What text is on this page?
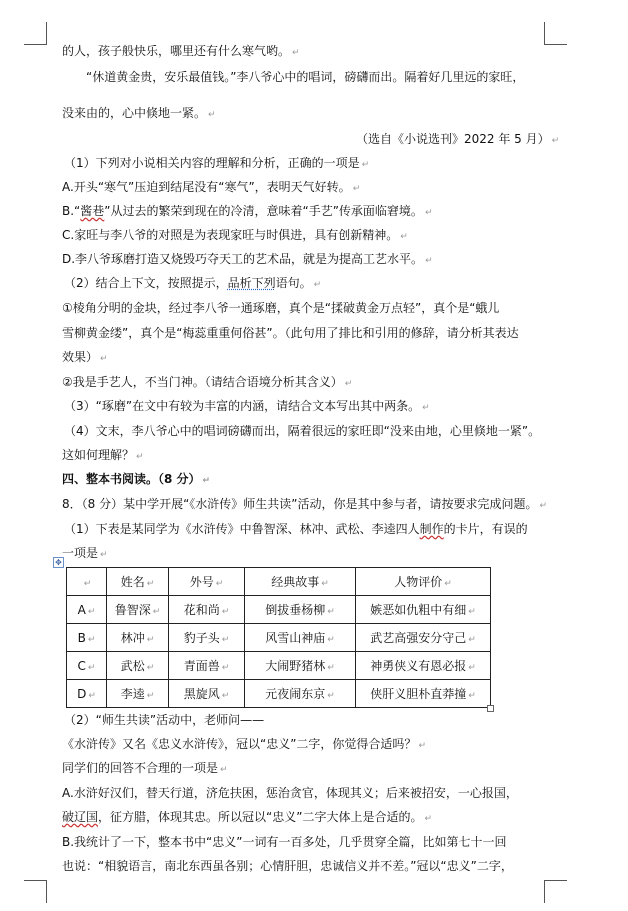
的人，孩子般快乐，哪里还有什么寒气哟。 ↵
“休道黄金贵，安乐最值钱。”李八爷心中的唱词，磅礴而出。隔着好几里远的家旺，
没来由的，心中倏地一紧。 ↵
（选自《小说选刊》2022 年 5 月） ↵
（1）下列对小说相关内容的理解和分析，正确的一项是 ↵
A.开头“寒气”压迫到结尾没有“寒气”，表明天气好转。 ↵
B.“酱巷”从过去的繁荣到现在的冷清，意味着“手艺”传承面临窘境。 ↵
C.家旺与李八爷的对照是为表现家旺与时俱进，具有创新精神。 ↵
D.李八爷琢磨打造又烧毁巧夺天工的艺术品，就是为提高工艺水平。 ↵
（2）结合上下文，按照提示，品析下列语句。 ↵
①棱角分明的金块，经过李八爷一通琢磨，真个是“揉破黄金万点轻”，真个是“蛾儿
雪柳黄金缕”，真个是“梅蕊重重何俗甚”。（此句用了排比和引用的修辞，请分析其表达
效果） ↵
②我是手艺人，不当门神。（请结合语境分析其含义） ↵
（3）“琢磨”在文中有较为丰富的内涵，请结合文本写出其中两条。 ↵
（4）文末，李八爷心中的唱词磅礴而出，隔着很远的家旺即“没来由地，心里倏地一紧”。
这如何理解？ ↵
四、整本书阅读。（8 分） ↵
8．（8 分）某中学开展“《水浒传》师生共读”活动，你是其中参与者，请按要求完成问题。 ↵
（1）下表是某同学为《水浒传》中鲁智深、林冲、武松、李逵四人制作的卡片，有误的
一项是 ↵
✥
↵	姓名 ↵	外号 ↵	经典故事 ↵	人物评价 ↵
A ↵	鲁智深 ↵	花和尚 ↵	倒拔垂杨柳 ↵	嫉恶如仇粗中有细 ↵
B ↵	林冲 ↵	豹子头 ↵	风雪山神庙 ↵	武艺高强安分守己 ↵
C ↵	武松 ↵	青面兽 ↵	大闹野猪林 ↵	神勇侠义有恩必报 ↵
D ↵	李逵 ↵	黑旋风 ↵	元夜闹东京 ↵	侠肝义胆朴直莽撞 ↵
（2）“师生共读”活动中，老师问——
《水浒传》又名《忠义水浒传》，冠以“忠义”二字，你觉得合适吗？ ↵
同学们的回答不合理的一项是 ↵
A.水浒好汉们，替天行道，济危扶困，惩治贪官，体现其义；后来被招安，一心报国，
破辽国，征方腊，体现其忠。所以冠以“忠义”二字大体上是合适的。 ↵
B.我统计了一下，整本书中“忠义”一词有一百多处，几乎贯穿全篇，比如第七十一回
也说：“相貌语言，南北东西虽各别；心情肝胆，忠诚信义并不差。”冠以“忠义”二字，
